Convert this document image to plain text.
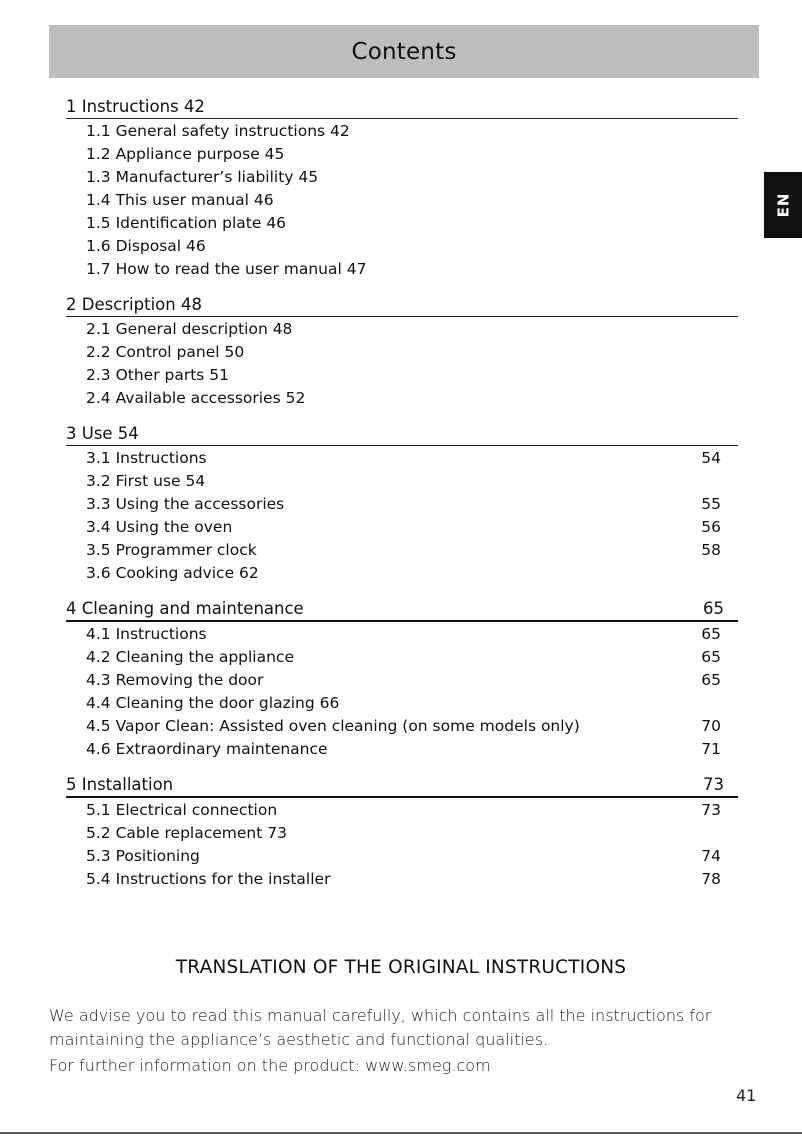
Contents
EN
1 Instructions 42
1.1 General safety instructions 42
1.2 Appliance purpose 45
1.3 Manufacturer’s liability 45
1.4 This user manual 46
1.5 Identification plate 46
1.6 Disposal 46
1.7 How to read the user manual 47
2 Description 48
2.1 General description 48
2.2 Control panel 50
2.3 Other parts 51
2.4 Available accessories 52
3 Use 54
3.1 Instructions	54
3.2 First use 54
3.3 Using the accessories	55
3.4 Using the oven	56
3.5 Programmer clock	58
3.6 Cooking advice 62
4 Cleaning and maintenance	65
4.1 Instructions	65
4.2 Cleaning the appliance	65
4.3 Removing the door	65
4.4 Cleaning the door glazing 66
4.5 Vapor Clean: Assisted oven cleaning (on some models only)	70
4.6 Extraordinary maintenance	71
5 Installation	73
5.1 Electrical connection	73
5.2 Cable replacement 73
5.3 Positioning	74
5.4 Instructions for the installer	78
TRANSLATION OF THE ORIGINAL INSTRUCTIONS

We advise you to read this manual carefully, which contains all the instructions for

maintaining the appliance’s aesthetic and functional qualities.

For further information on the product: www.smeg.com

41
